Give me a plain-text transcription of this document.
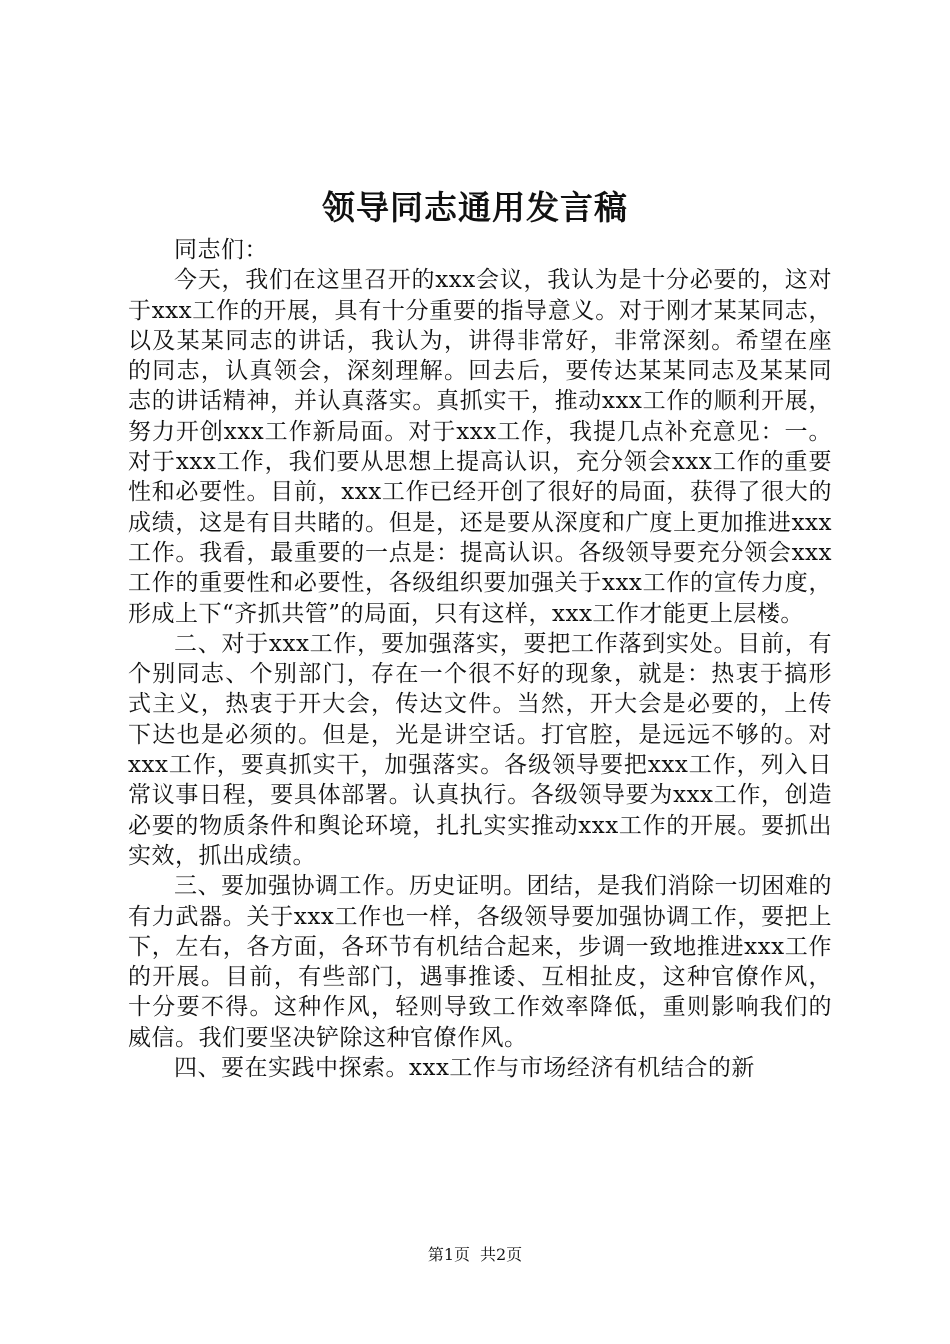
领导同志通用发言稿

同志们：

今天，我们在这里召开的xxx会议，我认为是十分必要的，这对于xxx工作的开展，具有十分重要的指导意义。对于刚才某某同志，以及某某同志的讲话，我认为，讲得非常好，非常深刻。希望在座的同志，认真领会，深刻理解。回去后，要传达某某同志及某某同志的讲话精神，并认真落实。真抓实干，推动xxx工作的顺利开展，努力开创xxx工作新局面。对于xxx工作，我提几点补充意见：一。对于xxx工作，我们要从思想上提高认识，充分领会xxx工作的重要性和必要性。目前，xxx工作已经开创了很好的局面，获得了很大的成绩，这是有目共睹的。但是，还是要从深度和广度上更加推进xxx工作。我看，最重要的一点是：提高认识。各级领导要充分领会xxx工作的重要性和必要性，各级组织要加强关于xxx工作的宣传力度，形成上下“齐抓共管”的局面，只有这样，xxx工作才能更上层楼。

二、对于xxx工作，要加强落实，要把工作落到实处。目前，有个别同志、个别部门，存在一个很不好的现象，就是：热衷于搞形式主义，热衷于开大会，传达文件。当然，开大会是必要的，上传下达也是必须的。但是，光是讲空话。打官腔，是远远不够的。对xxx工作，要真抓实干，加强落实。各级领导要把xxx工作，列入日常议事日程，要具体部署。认真执行。各级领导要为xxx工作，创造必要的物质条件和舆论环境，扎扎实实推动xxx工作的开展。要抓出实效，抓出成绩。

三、要加强协调工作。历史证明。团结，是我们消除一切困难的有力武器。关于xxx工作也一样，各级领导要加强协调工作，要把上下，左右，各方面，各环节有机结合起来，步调一致地推进xxx工作的开展。目前，有些部门，遇事推诿、互相扯皮，这种官僚作风，十分要不得。这种作风，轻则导致工作效率降低，重则影响我们的威信。我们要坚决铲除这种官僚作风。

四、要在实践中探索。xxx工作与市场经济有机结合的新

第1页 共2页
